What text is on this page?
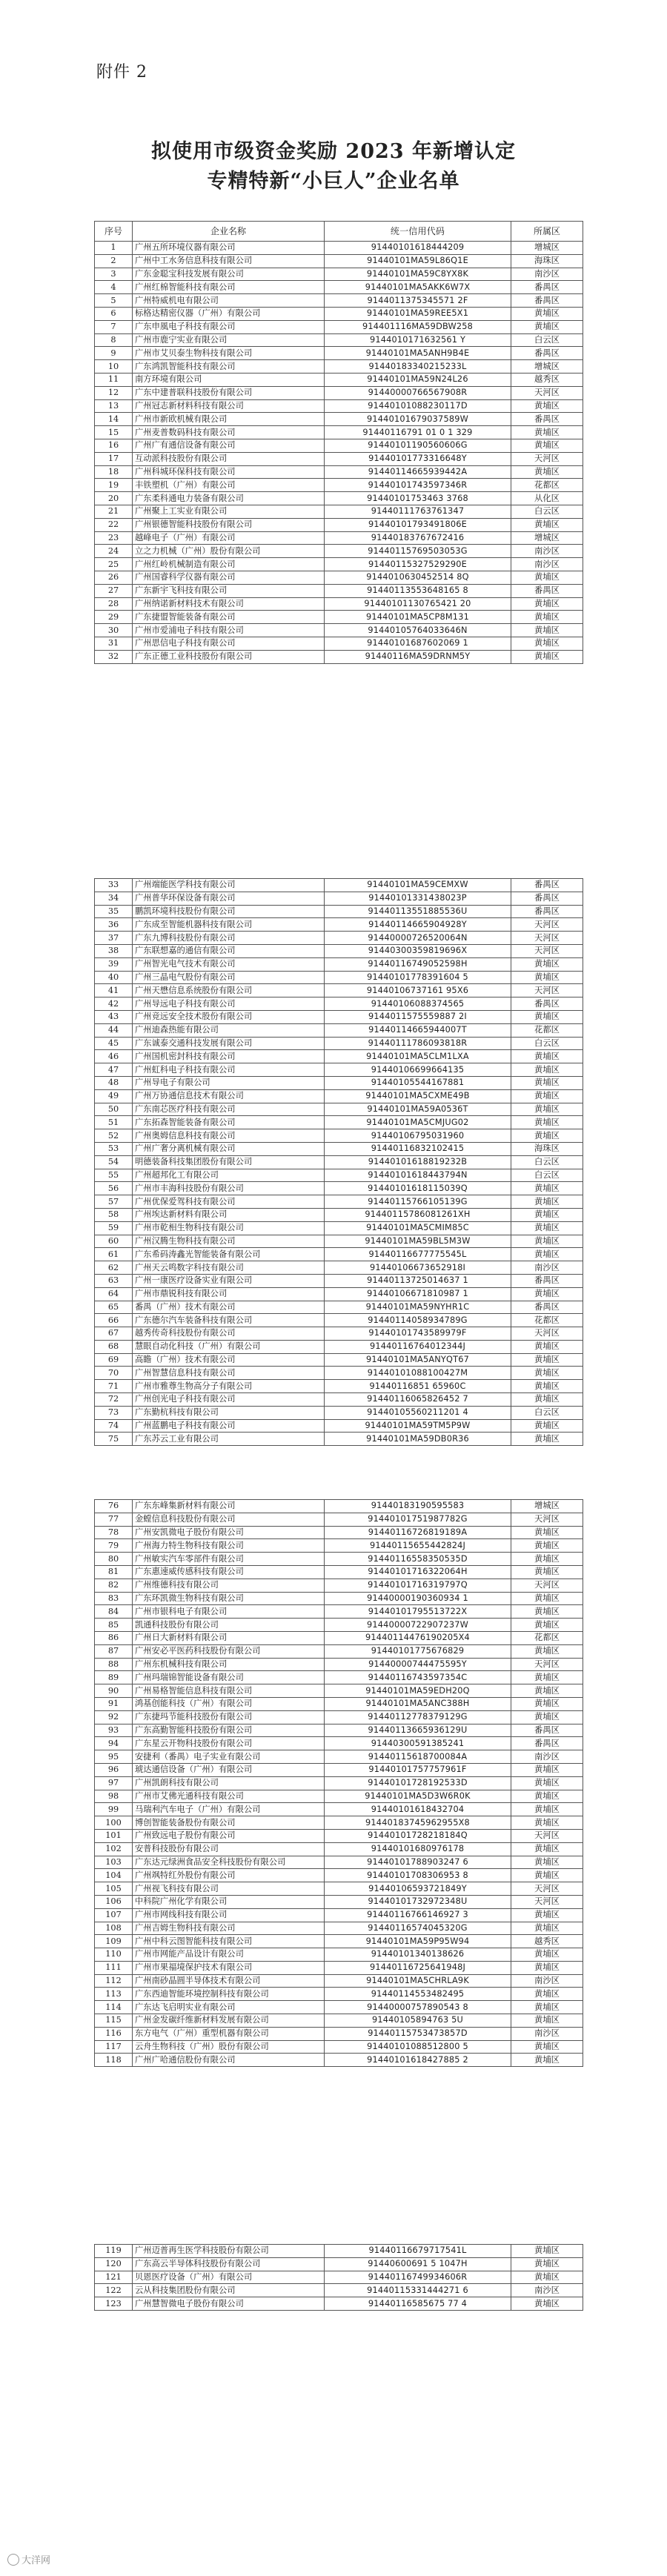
附件 2
拟使用市级资金奖励 2023 年新增认定
专精特新“小巨人”企业名单
序号	企业名称	统一信用代码	所属区
1	广州五所环境仪器有限公司	91440101618444209	增城区
2	广州中工水务信息科技有限公司	91440101MA59L86Q1E	海珠区
3	广东金聪宝科技发展有限公司	91440101MA59C8YX8K	南沙区
4	广州红棉智能科技有限公司	91440101MA5AKK6W7X	番禺区
5	广州特威机电有限公司	9144011375345571 2F	番禺区
6	标格达精密仪器（广州）有限公司	91440101MA59REE5X1	黄埔区
7	广东申風电子科技有限公司	914401116MA59DBW258	黄埔区
8	广州市鹿宁实业有限公司	9144010171632561 Y	白云区
9	广州市艾贝泰生物科技有限公司	91440101MA5ANH9B4E	番禺区
10	广东鸿凯智能科技有限公司	91440183340215233L	增城区
11	南方环境有限公司	91440101MA59N24L26	越秀区
12	广东中建普联科技股份有限公司	91440000766567908R	天河区
13	广州冠志新材料科技有限公司	91440101088230117D	黄埔区
14	广州市新欧机械有限公司	91440101679037589W	番禺区
15	广州麦普数码科技有限公司	91440116791 01 0 1 329	黄埔区
16	广州广有通信设备有限公司	91440101190560606G	黄埔区
17	互动派科技股份有限公司	91440101773316648Y	天河区
18	广州科城环保科技有限公司	91440114665939442A	黄埔区
19	丰铁塑机（广州）有限公司	91440101743597346R	花都区
20	广东柔科通电力装备有限公司	91440101753463 3768	从化区
21	广州聚上工实业有限公司	91440111763761347	白云区
22	广州银德智能科技股份有限公司	91440101793491806E	黄埔区
23	越峰电子（广州）有限公司	91440183767672416	增城区
24	立之力机械（广州）股份有限公司	91440115769503053G	南沙区
25	广州红岭机械制造有限公司	91440115327529290E	南沙区
26	广州国睿科学仪器有限公司	9144010630452514 8Q	黄埔区
27	广东新宇飞科技有限公司	91440113553648165 8	番禺区
28	广州纳诺新材料技术有限公司	91440101130765421 20	黄埔区
29	广东捷盟智能装备有限公司	91440101MA5CP8M131	黄埔区
30	广州市爱浦电子科技有限公司	91440105764033646N	黄埔区
31	广州思信电子科技有限公司	91440101687602069 1	黄埔区
32	广东正德工业科技股份有限公司	91440116MA59DRNM5Y	黄埔区
33	广州端能医学科技有限公司	91440101MA59CEMXW	番禺区
34	广州普华环保设备有限公司	91440101331438023P	番禺区
35	鹏凯环境科技股份有限公司	91440113551885536U	番禺区
36	广东成至智能机器科技有限公司	91440114665904928Y	天河区
37	广东九博科技股份有限公司	91440000726520064N	天河区
38	广东联想嘉的通信有限公司	91440300359819696X	天河区
39	广州智光电气技术有限公司	91440116749052598H	黄埔区
40	广州三晶电气股份有限公司	91440101778391604 5	黄埔区
41	广州天懋信息系统股份有限公司	91440106737161 95X6	天河区
42	广州导远电子科技有限公司	91440106088374565	番禺区
43	广州竞远安全技术股份有限公司	9144011575559887 2I	黄埔区
44	广州迪森热能有限公司	91440114665944007T	花都区
45	广东诚泰交通科技发展有限公司	91440111786093818R	白云区
46	广州国机密封科技有限公司	91440101MA5CLM1LXA	黄埔区
47	广州虹科电子科技有限公司	91440106699664135	黄埔区
48	广州导电子有限公司	91440105544167881	黄埔区
49	广州万协通信息技术有限公司	91440101MA5CXME49B	黄埔区
50	广东南芯医疗科技有限公司	91440101MA59A0536T	黄埔区
51	广东拓森智能装备有限公司	91440101MA5CMJUG02	黄埔区
52	广州奥姆信息科技有限公司	91440106795031960	黄埔区
53	广州广奢分离机械有限公司	91440116832102415	海珠区
54	明德装备科技集团股份有限公司	91440101618819232B	白云区
55	广州超邦化工有限公司	91440101618443794N	白云区
56	广州市丰海科技股份有限公司	91440101618115039Q	黄埔区
57	广州优保爱驾科技有限公司	91440115766105139G	黄埔区
58	广州埃达新材料有限公司	91440115786081261XH	黄埔区
59	广州市乾相生物科技有限公司	91440101MA5CMIM85C	黄埔区
60	广州汉腾生物科技有限公司	91440101MA59BL5M3W	黄埔区
61	广东希码涛鑫光智能装备有限公司	91440116677775545L	黄埔区
62	广州天云鸣数字科技有限公司	91440106673652918I	南沙区
63	广州一康医疗设备实业有限公司	91440113725014637 1	番禺区
64	广州市鼎锐科技有限公司	91440106671810987 1	黄埔区
65	番禺（广州）技术有限公司	91440101MA59NYHR1C	番禺区
66	广东德尔汽车装备科技有限公司	91440114058934789G	花都区
67	越秀传奇科技股份有限公司	91440101743589979F	天河区
68	慧眼自动化科技（广州）有限公司	91440116764012344J	黄埔区
69	高瞻（广州）技术有限公司	91440101MA5ANYQT67	黄埔区
70	广州智慧信息科技有限公司	91440101088100427M	黄埔区
71	广州市雅尊生物高分子有限公司	91440116851 65960C	黄埔区
72	广州创光电子科技有限公司	91440116065826452 7	黄埔区
73	广东勤杭科技有限公司	91440105560211201 4	白云区
74	广州蓝鹏电子科技有限公司	91440101MA59TM5P9W	黄埔区
75	广东苏云工业有限公司	91440101MA59DB0R36	黄埔区
76	广东东峰集新材料有限公司	91440183190595583	增城区
77	金螳信息科技股份有限公司	91440101751987782G	天河区
78	广州安凯微电子股份有限公司	91440116726819189A	黄埔区
79	广州海力特生物科技有限公司	91440115655442824J	黄埔区
80	广州敏实汽车零部件有限公司	91440116558350535D	黄埔区
81	广东惠速威传感科技有限公司	91440101716322064H	黄埔区
82	广州维德科技有限公司	91440101716319797Q	天河区
83	广东环凯微生物科技有限公司	91440000190360934 1	黄埔区
84	广州市银科电子有限公司	91440101795513722X	黄埔区
85	凯通科技股份有限公司	91440000722907237W	黄埔区
86	广州日大新材料有限公司	91440114476190205X4	花都区
87	广州安必平医药科技股份有限公司	91440101775676829	黄埔区
88	广州东机械科技有限公司	91440000744475595Y	天河区
89	广州玛瑞锦智能设备有限公司	91440116743597354C	黄埔区
90	广州易格智能信息科技有限公司	91440101MA59EDH20Q	黄埔区
91	鸿基创能科技（广州）有限公司	91440101MA5ANC388H	黄埔区
92	广东捷玛节能科技股份有限公司	91440112778379129G	黄埔区
93	广东高勤智能科技股份有限公司	91440113665936129U	番禺区
94	广东星云开物科技股份有限公司	91440300591385241	番禺区
95	安捷利（番禺）电子实业有限公司	91440115618700084A	南沙区
96	琥达通信设备（广州）有限公司	91440101757757961F	黄埔区
97	广州凯朗科技有限公司	91440101728192533D	黄埔区
98	广州市艾佛光通科技有限公司	91440101MA5D3W6R0K	黄埔区
99	马瑞利汽车电子（广州）有限公司	91440101618432704	黄埔区
100	博创智能装备股份有限公司	91440183745962955X8	黄埔区
101	广州致远电子股份有限公司	91440101728218184Q	天河区
102	安普科技股份有限公司	91440101680976178	黄埔区
103	广东达元绿洲食品安全科技股份有限公司	91440101788903247 6	黄埔区
104	广州飒特红外股份有限公司	91440101708306953 8	黄埔区
105	广州视飞科技有限公司	91440106593721849Y	天河区
106	中科院广州化学有限公司	91440101732972348U	天河区
107	广州市网线科技有限公司	91440116766146927 3	黄埔区
108	广州吉姆生物科技有限公司	91440116574045320G	黄埔区
109	广州中科云图智能科技有限公司	91440101MA59P95W94	越秀区
110	广州市网能产品设计有限公司	91440101340138626	黄埔区
111	广州市果福境保护技术有限公司	91440116725641948J	黄埔区
112	广州南砂晶圆半导体技术有限公司	91440101MA5CHRLA9K	南沙区
113	广东西迪智能环境控制科技有限公司	91440114553482495	黄埔区
114	广东达飞启明实业有限公司	91440000757890543 8	黄埔区
115	广州金发碳纤维新材料发展有限公司	91440105894763 5U	黄埔区
116	东方电气（广州）重型机器有限公司	91440115753473857D	南沙区
117	云舟生物科技（广州）股份有限公司	91440101088512800 5	黄埔区
118	广州广哈通信股份有限公司	91440101618427885 2	黄埔区
119	广州迈普再生医学科技股份有限公司	91440116679717541L	黄埔区
120	广东高云半导体科技股份有限公司	91440600691 5 1047H	黄埔区
121	贝恩医疗设备（广州）有限公司	91440116749934606R	黄埔区
122	云从科技集团股份有限公司	91440115331444271 6	南沙区
123	广州慧智微电子股份有限公司	91440116585675 77 4	黄埔区
大洋网
